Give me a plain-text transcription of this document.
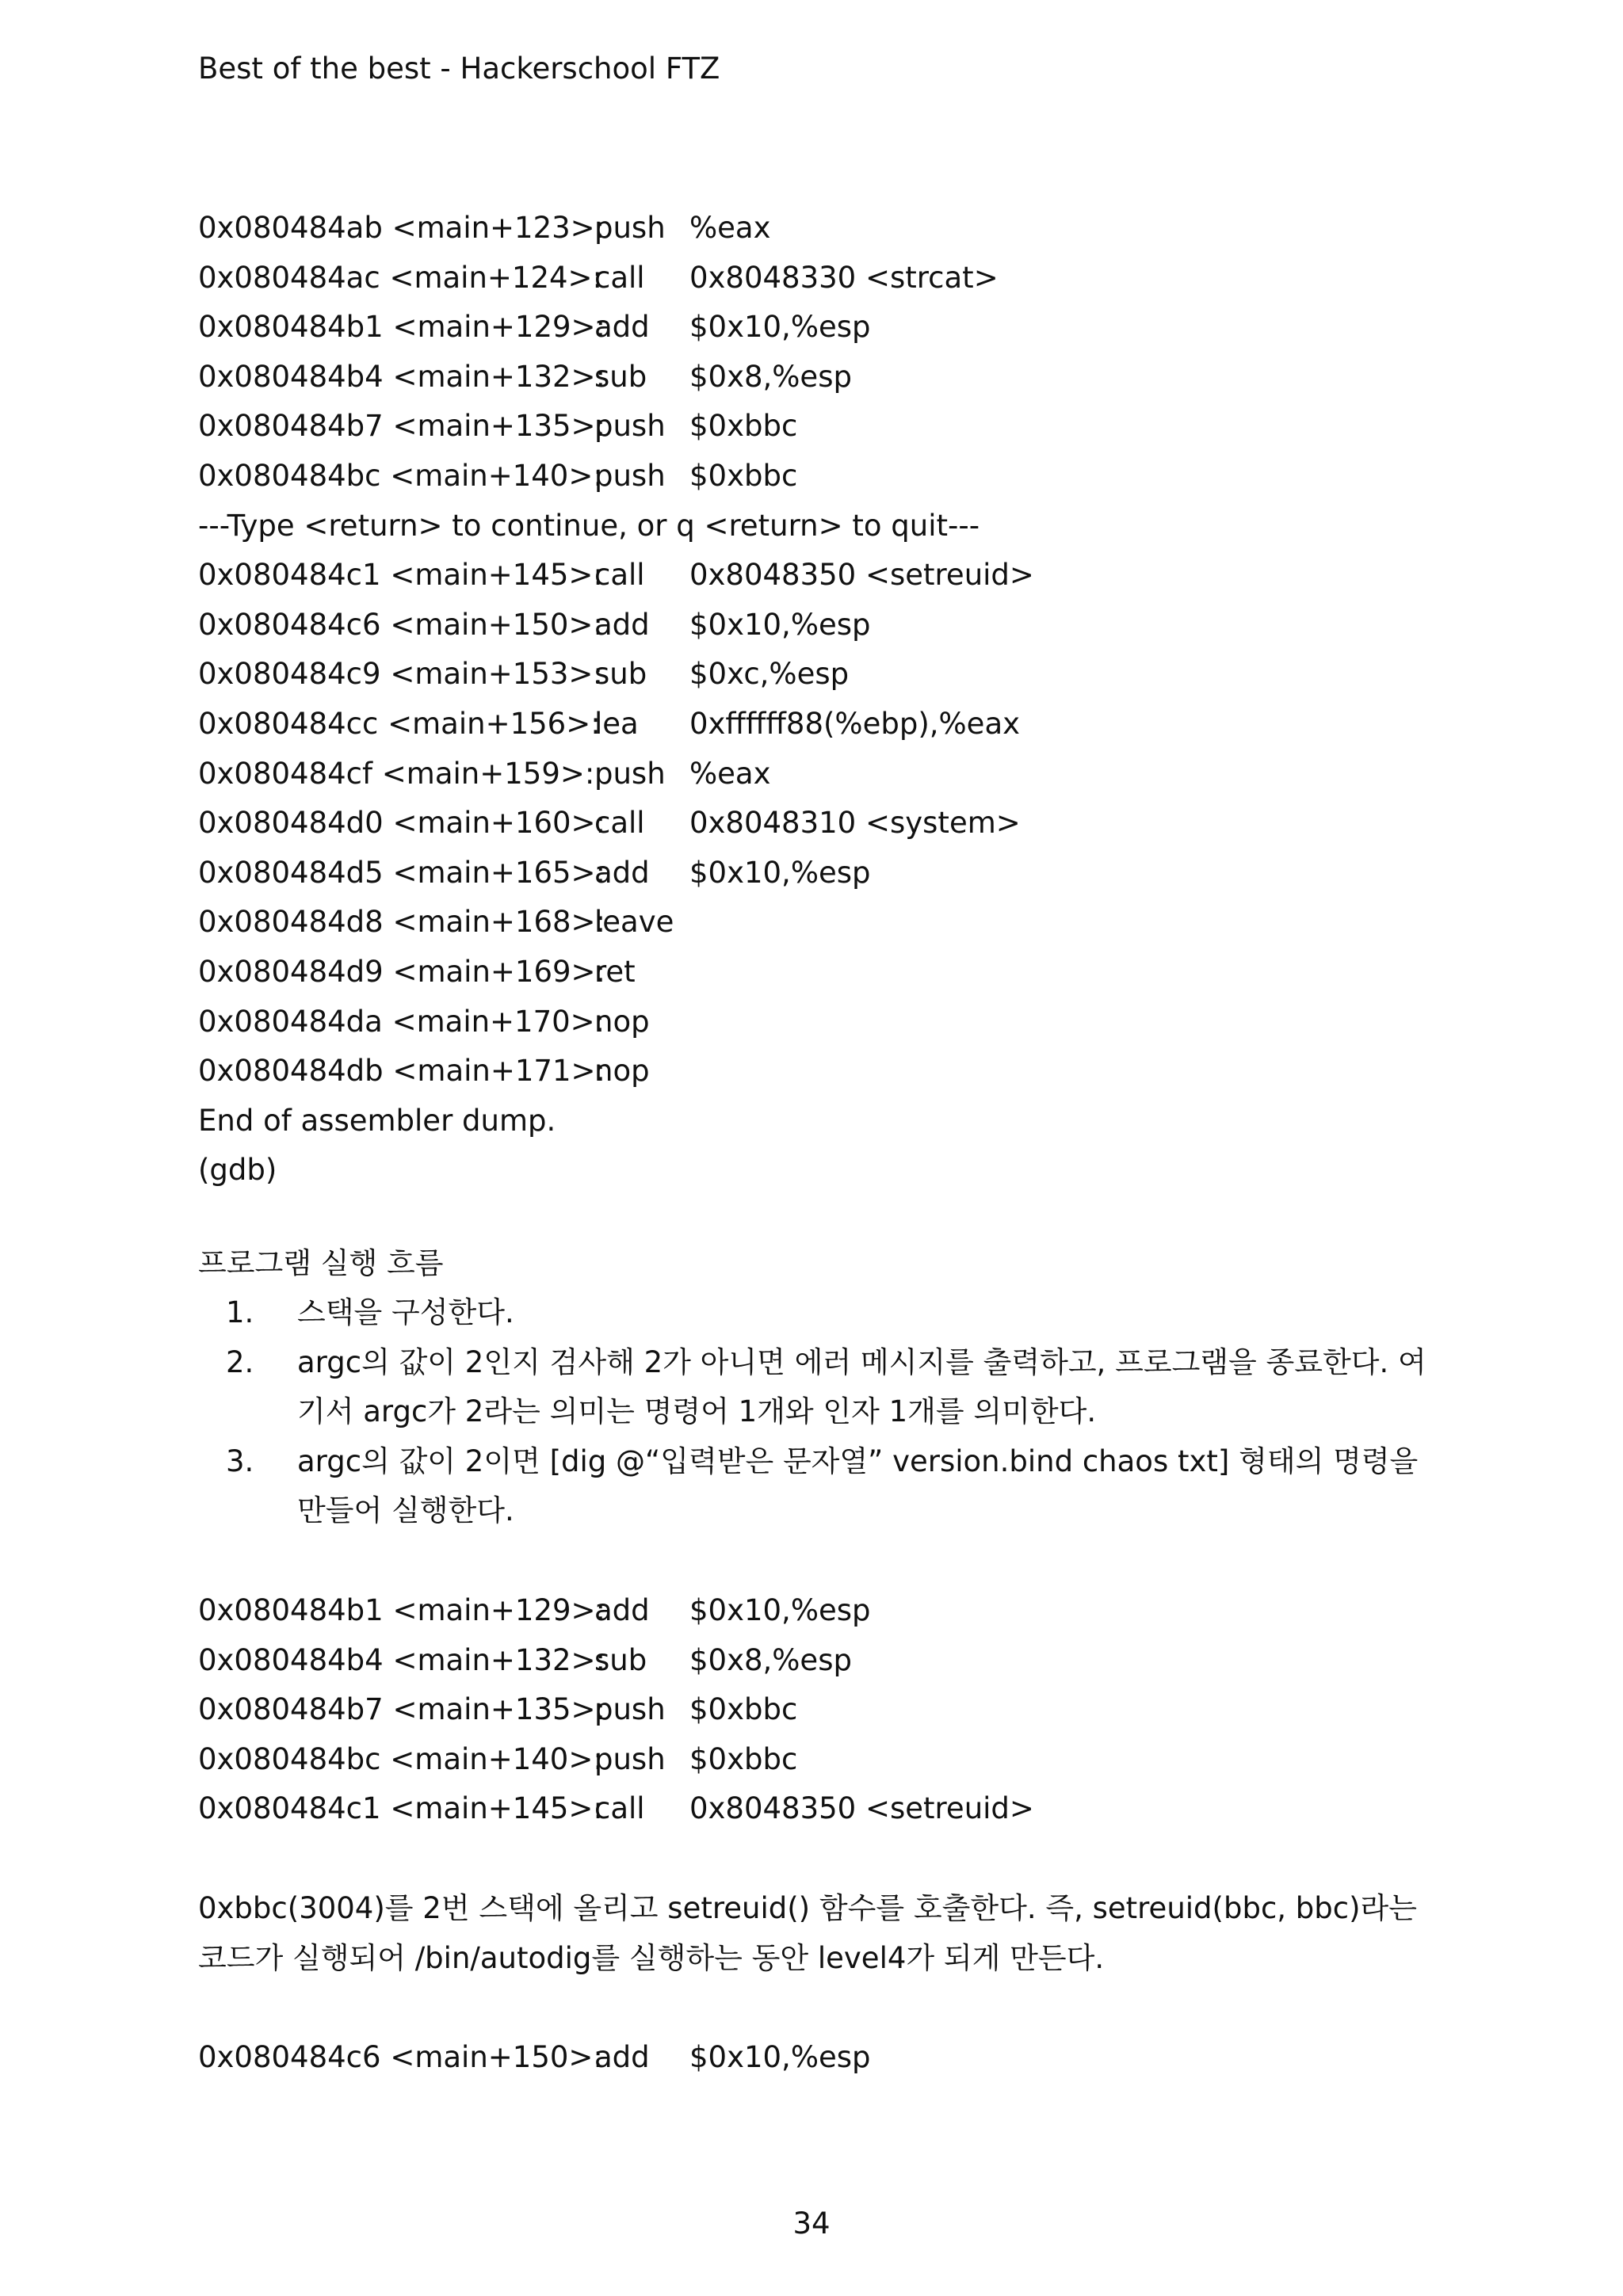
Best of the best - Hackerschool FTZ
0x080484ab <main+123>:
push %eax
0x080484ac <main+124>:
call 0x8048330 <strcat>
0x080484b1 <main+129>:
add $0x10,%esp
0x080484b4 <main+132>:
sub $0x8,%esp
0x080484b7 <main+135>:
push $0xbbc
0x080484bc <main+140>:
push $0xbbc
---Type <return> to continue, or q <return> to quit---
0x080484c1 <main+145>:
call 0x8048350 <setreuid>
0x080484c6 <main+150>:
add $0x10,%esp
0x080484c9 <main+153>:
sub $0xc,%esp
0x080484cc <main+156>:
lea 0xffffff88(%ebp),%eax
0x080484cf <main+159>: push %eax
0x080484d0 <main+160>:
call 0x8048310 <system>
0x080484d5 <main+165>:
add $0x10,%esp
0x080484d8 <main+168>:
leave
0x080484d9 <main+169>:
ret
0x080484da <main+170>:
nop
0x080484db <main+171>:
nop
End of assembler dump.
(gdb)
프로그램 실행 흐름
1. 스택을 구성한다.
2. argc의 값이 2인지 검사해 2가 아니면 에러 메시지를 출력하고, 프로그램을 종료한다. 여기서 argc가 2라는 의미는 명령어 1개와 인자 1개를 의미한다.
3. argc의 값이 2이면 [dig @“입력받은 문자열” version.bind chaos txt] 형태의 명령을 만들어 실행한다.
0x080484b1 <main+129>:
add $0x10,%esp
0x080484b4 <main+132>:
sub $0x8,%esp
0x080484b7 <main+135>:
push $0xbbc
0x080484bc <main+140>:
push $0xbbc
0x080484c1 <main+145>:
call 0x8048350 <setreuid>
0xbbc(3004)를 2번 스택에 올리고 setreuid() 함수를 호출한다. 즉, setreuid(bbc, bbc)라는 코드가 실행되어 /bin/autodig를 실행하는 동안 level4가 되게 만든다.
0x080484c6 <main+150>:
add $0x10,%esp
34
